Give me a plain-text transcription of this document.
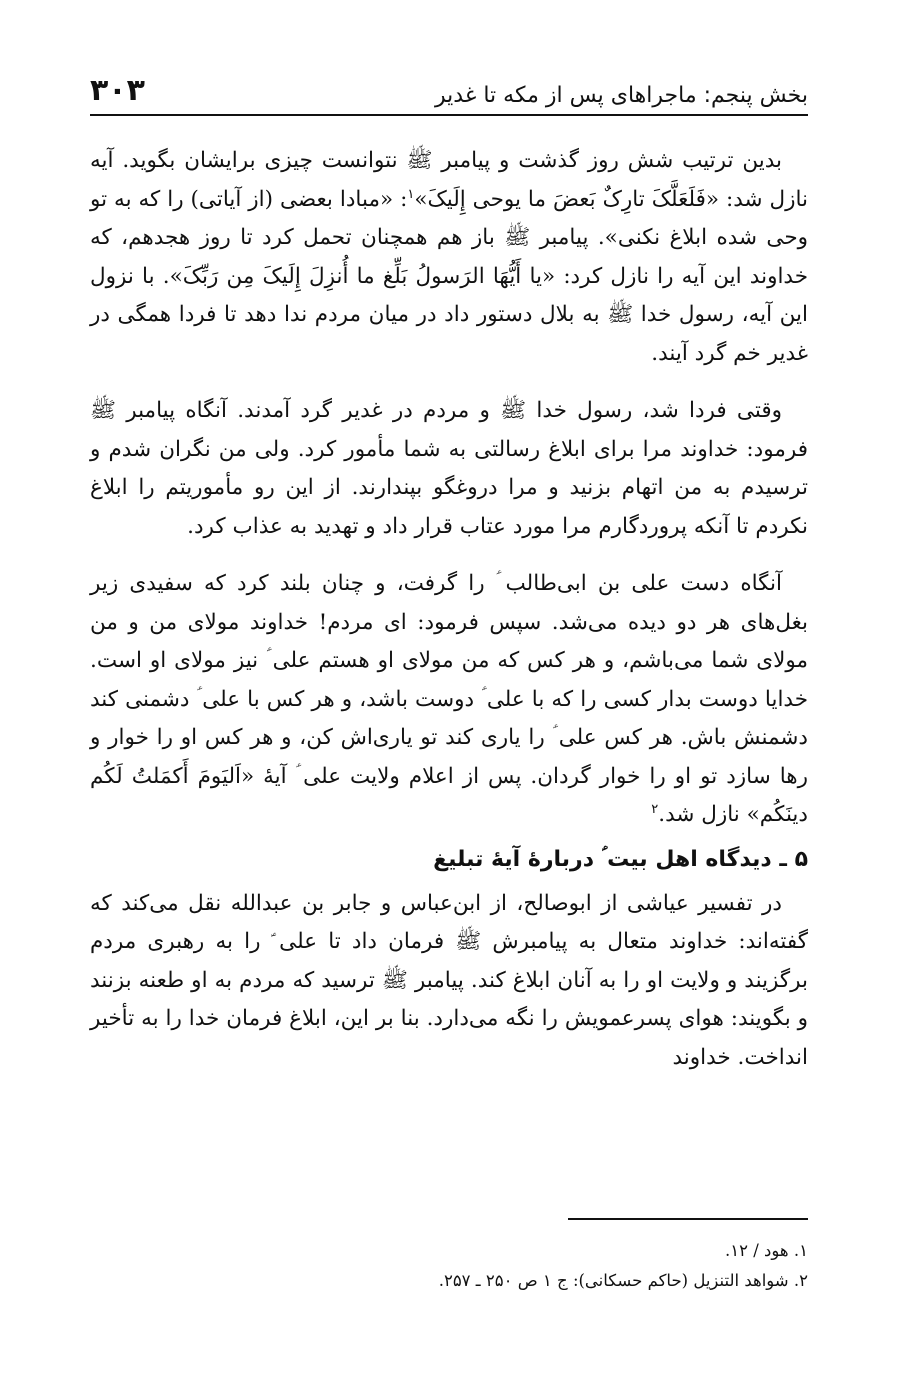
بخش پنجم: ماجراهای پس از مکه تا غدیر
۳۰۳

بدین ترتیب شش روز گذشت و پیامبر ﷺ نتوانست چیزی برایشان بگوید. آیه نازل شد: «فَلَعَلَّکَ تارِکٌ بَعضَ ما یوحی إِلَیکَ»$^۱$: «مبادا بعضی (از آیاتی) را که به تو وحی شده ابلاغ نکنی». پیامبر ﷺ باز هم همچنان تحمل کرد تا روز هجدهم، که خداوند این آیه را نازل کرد: «یا أَیُّهَا الرَسولُ بَلِّغ ما أُنزِلَ إِلَیکَ مِن رَبِّکَ». با نزول این آیه، رسول خدا ﷺ به بلال دستور داد در میان مردم ندا دهد تا فردا همگی در غدیر خم گرد آیند.

وقتی فردا شد، رسول خدا ﷺ و مردم در غدیر گرد آمدند. آنگاه پیامبر ﷺ فرمود: خداوند مرا برای ابلاغ رسالتی به شما مأمور کرد. ولی من نگران شدم و ترسیدم به من اتهام بزنید و مرا دروغگو بپندارند. از این رو مأموریتم را ابلاغ نکردم تا آنکه پروردگارم مرا مورد عتاب قرار داد و تهدید به عذاب کرد.

آنگاه دست علی بن ابی‌طالب ؑ را گرفت، و چنان بلند کرد که سفیدی زیر بغل‌های هر دو دیده می‌شد. سپس فرمود: ای مردم! خداوند مولای من و من مولای شما می‌باشم، و هر کس که من مولای او هستم علی ؑ نیز مولای او است. خدایا دوست بدار کسی را که با علی ؑ دوست باشد، و هر کس با علی ؑ دشمنی کند دشمنش باش. هر کس علی ؑ را یاری کند تو یاری‌اش کن، و هر کس او را خوار و رها سازد تو او را خوار گردان. پس از اعلام ولایت علی ؑ آیهٔ «اَلیَومَ أَکمَلتُ لَکُم دینَکُم» نازل شد.$^۲$

۵ ـ دیدگاه اهل بیت ؑ دربارهٔ آیهٔ تبلیغ

در تفسیر عیاشی از ابوصالح، از ابن‌عباس و جابر بن عبدالله نقل می‌کند که گفته‌اند: خداوند متعال به پیامبرش ﷺ فرمان داد تا علی ؑ را به رهبری مردم برگزیند و ولایت او را به آنان ابلاغ کند. پیامبر ﷺ ترسید که مردم به او طعنه بزنند و بگویند: هوای پسرعمویش را نگه می‌دارد. بنا بر این، ابلاغ فرمان خدا را به تأخیر انداخت. خداوند

۱. هود / ۱۲.

۲. شواهد التنزیل (حاکم حسکانی): ج ۱ ص ۲۵۰ ـ ۲۵۷.
